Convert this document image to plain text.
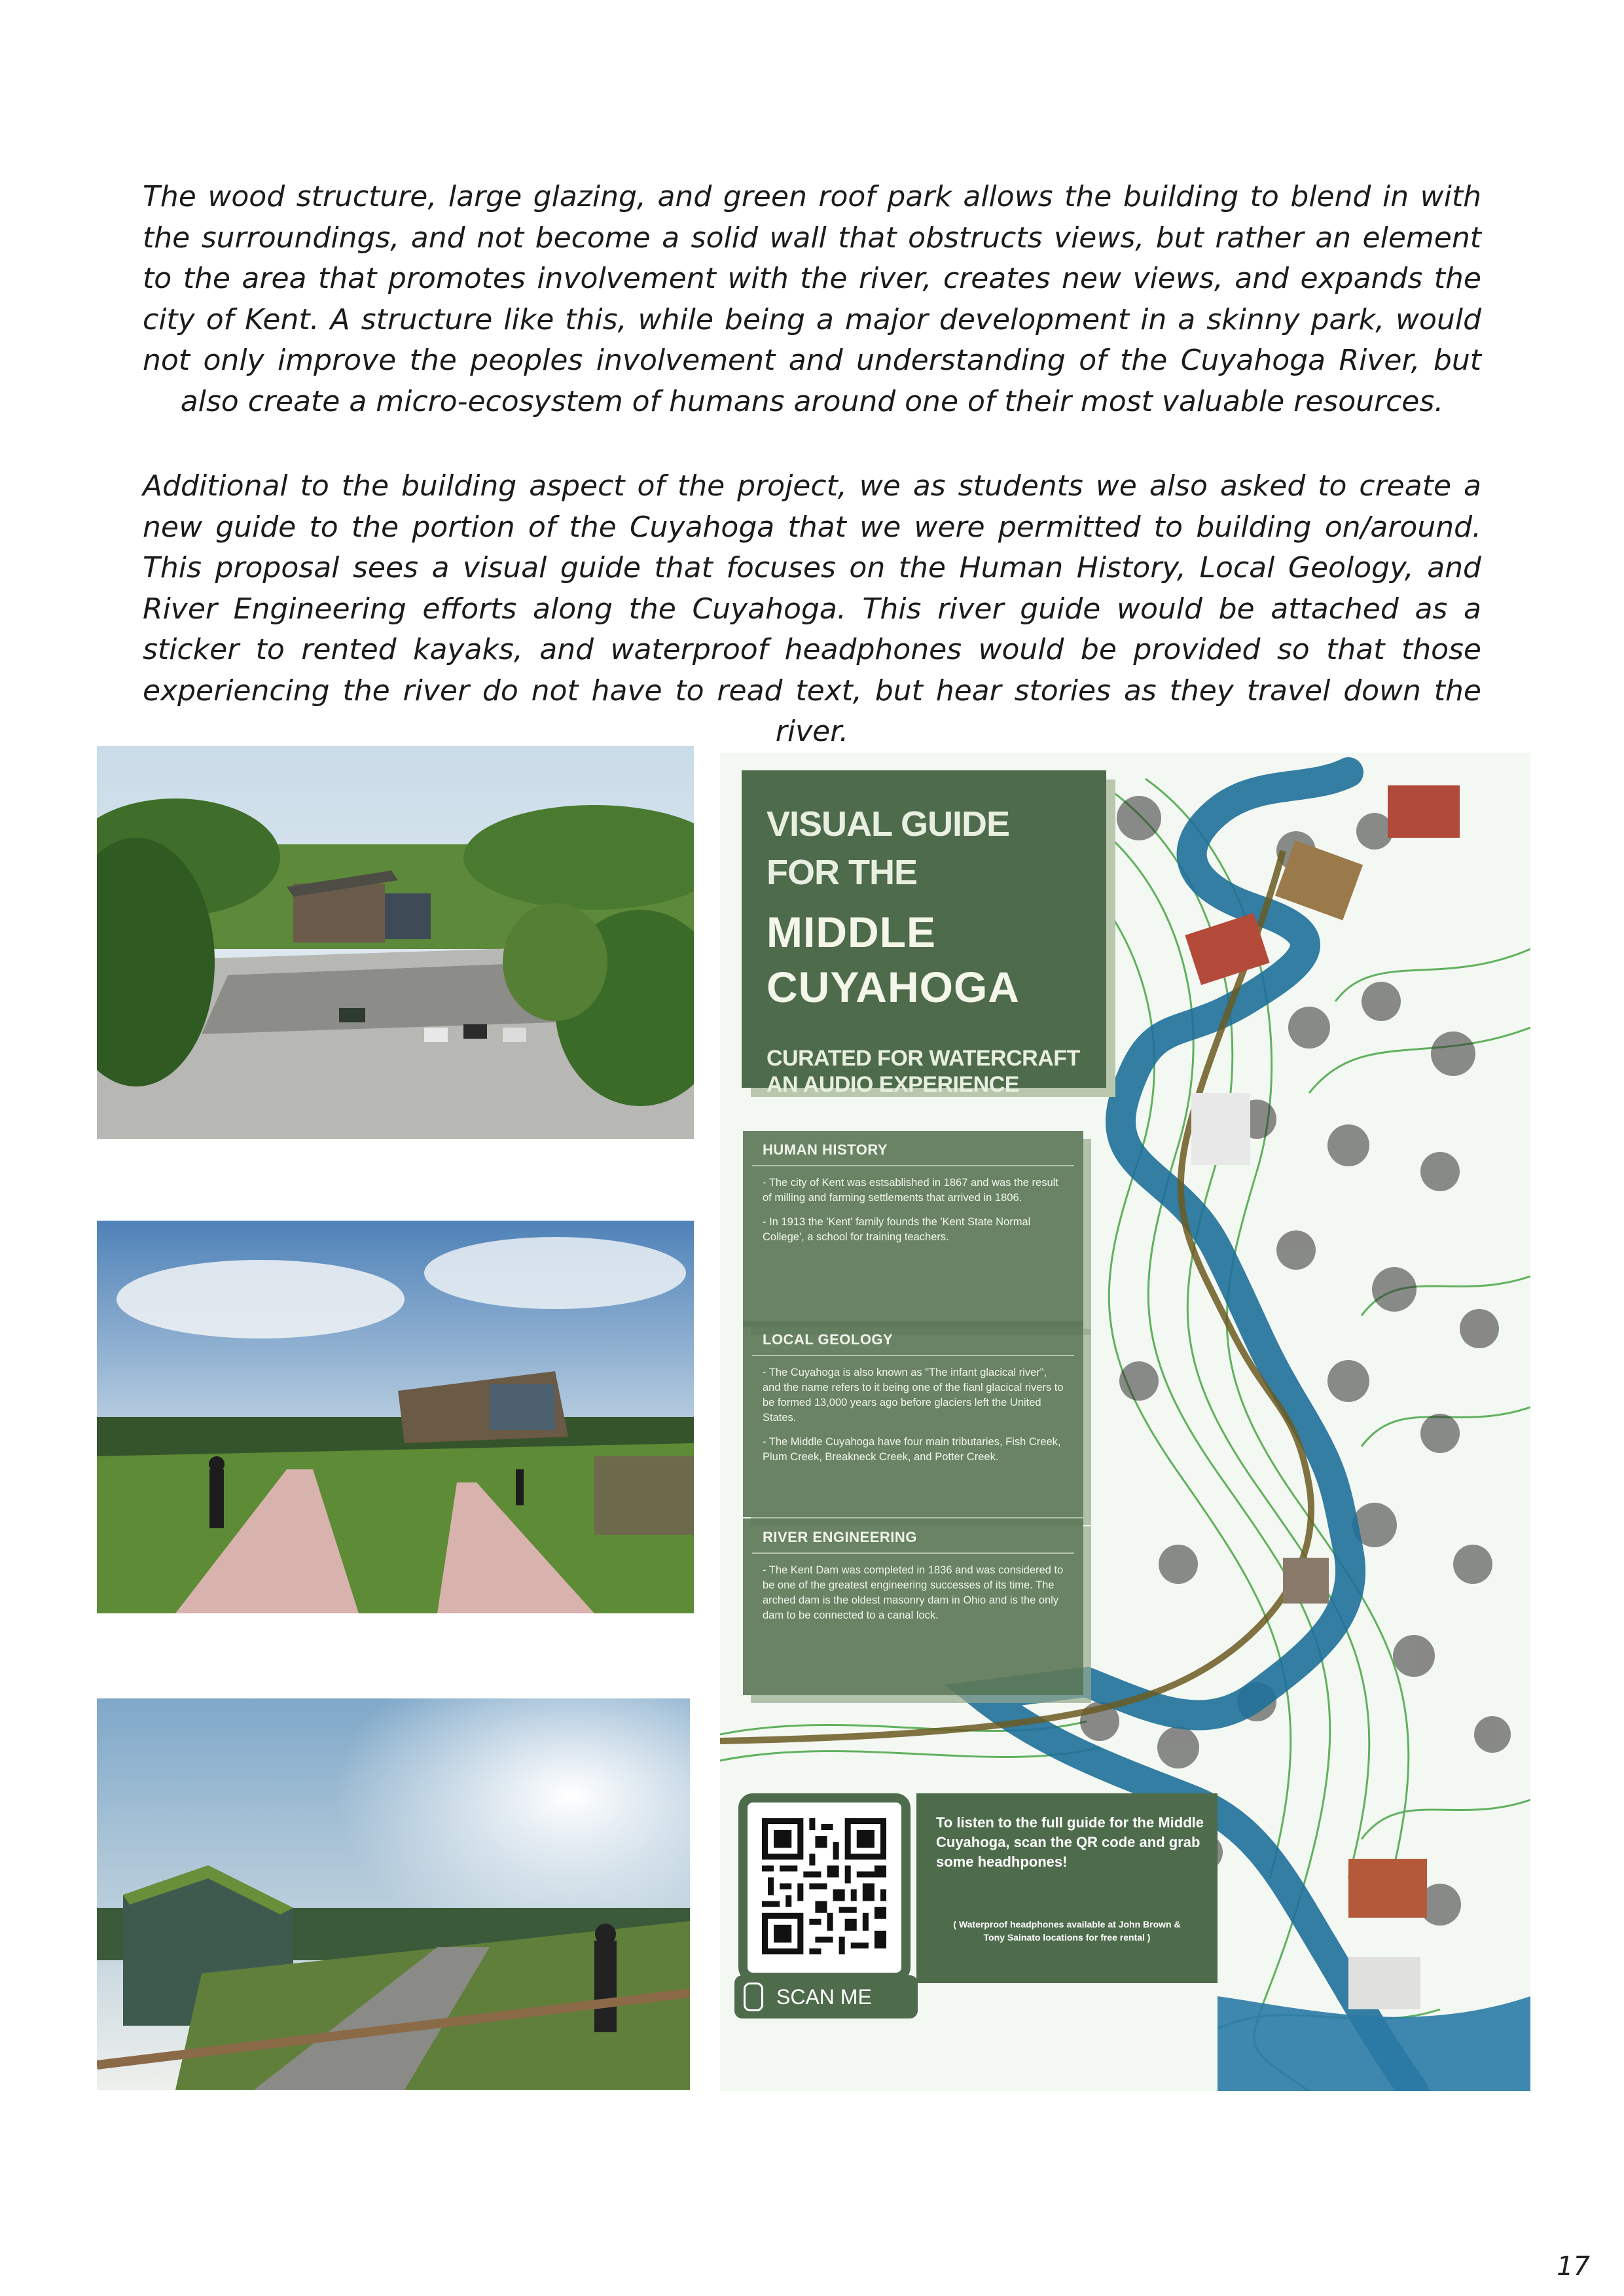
The wood structure, large glazing, and green roof park allows the building to blend in with the surroundings, and not become a solid wall that obstructs views, but rather an element to the area that promotes involvement with the river, creates new views, and expands the city of Kent. A structure like this, while being a major development in a skinny park, would not only improve the peoples involvement and understanding of the Cuyahoga River, but also create a micro-ecosystem of humans around one of their most valuable resources.

Additional to the building aspect of the project, we as students we also asked to create a new guide to the portion of the Cuyahoga that we were permitted to building on/around. This proposal sees a visual guide that focuses on the Human History, Local Geology, and River Engineering efforts along the Cuyahoga. This river guide would be attached as a sticker to rented kayaks, and waterproof headphones would be provided so that those experiencing the river do not have to read text, but hear stories as they travel down the river.

VISUAL GUIDE
FOR THE
MIDDLE
CUYAHOGA
CURATED FOR WATERCRAFT
AN AUDIO EXPERIENCE
HUMAN HISTORY

- The city of Kent was estsablished in 1867 and was the result of milling and farming settlements that arrived in 1806.

- In 1913 the 'Kent' family founds the 'Kent State Normal College', a school for training teachers.

LOCAL GEOLOGY

- The Cuyahoga is also known as "The infant glacical river", and the name refers to it being one of the fianl glacical rivers to be formed 13,000 years ago before glaciers left the United States.

- The Middle Cuyahoga have four main tributaries, Fish Creek, Plum Creek, Breakneck Creek, and Potter Creek.

RIVER ENGINEERING

- The Kent Dam was completed in 1836 and was considered to be one of the greatest engineering successes of its time. The arched dam is the oldest masonry dam in Ohio and is the only dam to be connected to a canal lock.

SCAN ME
To listen to the full guide for the Middle Cuyahoga, scan the QR code and grab some headhpones!
( Waterproof headphones available at John Brown & Tony Sainato locations for free rental )
17
